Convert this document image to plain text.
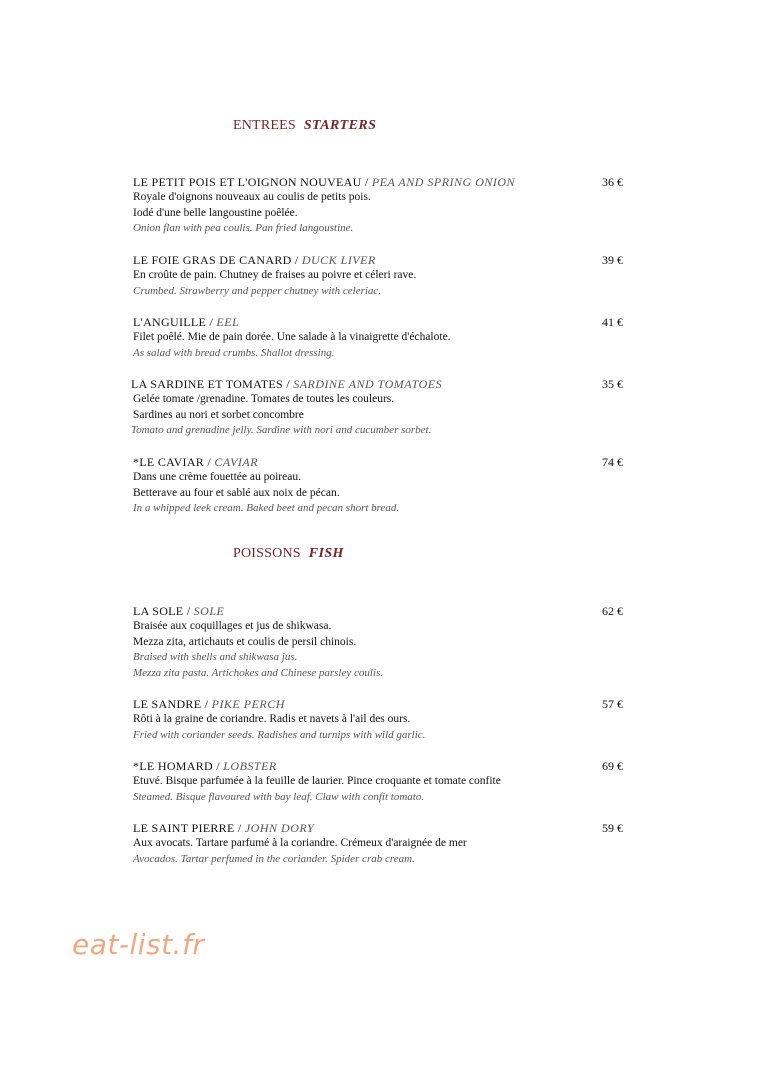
ENTREES STARTERS
LE PETIT POIS ET L'OIGNON NOUVEAU / PEA AND SPRING ONION	36 €
Royale d'oignons nouveaux au coulis de petits pois.
Iodé d'une belle langoustine poêlée.
Onion flan with pea coulis. Pan fried langoustine.
LE FOIE GRAS DE CANARD / DUCK LIVER	39 €
En croûte de pain. Chutney de fraises au poivre et céleri rave.
Crumbed. Strawberry and pepper chutney with celeriac.
L'ANGUILLE / EEL	41 €
Filet poêlé. Mie de pain dorée. Une salade à la vinaigrette d'échalote.
As salad with bread crumbs. Shallot dressing.
LA SARDINE ET TOMATES / SARDINE AND TOMATOES	35 €
Gelée tomate /grenadine. Tomates de toutes les couleurs.
Sardines au nori et sorbet concombre
Tomato and grenadine jelly. Sardine with nori and cucumber sorbet.
*LE CAVIAR / CAVIAR	74 €
Dans une crème fouettée au poireau.
Betterave au four et sablé aux noix de pécan.
In a whipped leek cream. Baked beet and pecan short bread.
POISSONS FISH
LA SOLE / SOLE	62 €
Braisée aux coquillages et jus de shikwasa.
Mezza zita, artichauts et coulis de persil chinois.
Braised with shells and shikwasa jus.
Mezza zita pasta. Artichokes and Chinese parsley coulis.
LE SANDRE / PIKE PERCH	57 €
Rôti à la graine de coriandre. Radis et navets à l'ail des ours.
Fried with coriander seeds. Radishes and turnips with wild garlic.
*LE HOMARD / LOBSTER	69 €
Etuvé. Bisque parfumée à la feuille de laurier. Pince croquante et tomate confite
Steamed. Bisque flavoured with bay leaf. Claw with confit tomato.
LE SAINT PIERRE / JOHN DORY	59 €
Aux avocats. Tartare parfumé à la coriandre. Crémeux d'araignée de mer
Avocados. Tartar perfumed in the coriander. Spider crab cream.
eat-list.fr
